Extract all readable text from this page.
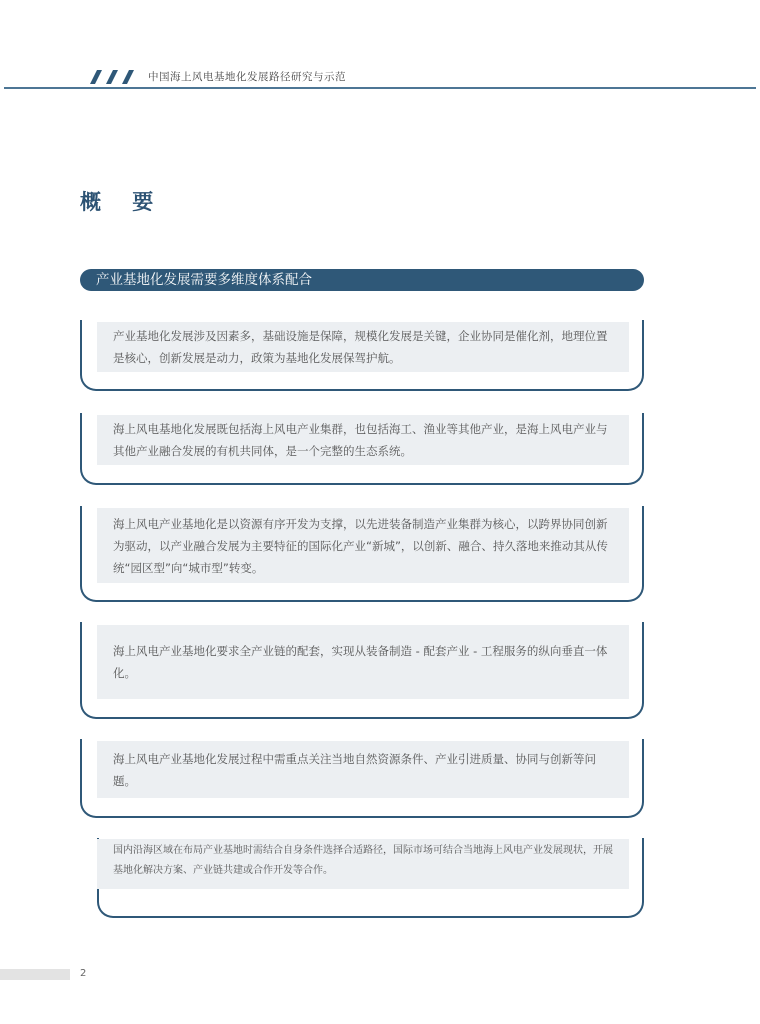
中国海上风电基地化发展路径研究与示范
概 要
产业基地化发展需要多维度体系配合
产业基地化发展涉及因素多，基础设施是保障，规模化发展是关键，企业协同是催化剂，地理位置是核心，创新发展是动力，政策为基地化发展保驾护航。
海上风电基地化发展既包括海上风电产业集群，也包括海工、渔业等其他产业，是海上风电产业与其他产业融合发展的有机共同体，是一个完整的生态系统。
海上风电产业基地化是以资源有序开发为支撑，以先进装备制造产业集群为核心，以跨界协同创新为驱动，以产业融合发展为主要特征的国际化产业“新城”，以创新、融合、持久落地来推动其从传统“园区型”向“城市型”转变。
海上风电产业基地化要求全产业链的配套，实现从装备制造 - 配套产业 - 工程服务的纵向垂直一体化。
海上风电产业基地化发展过程中需重点关注当地自然资源条件、产业引进质量、协同与创新等问题。
国内沿海区域在布局产业基地时需结合自身条件选择合适路径，国际市场可结合当地海上风电产业发展现状，开展基地化解决方案、产业链共建或合作开发等合作。
2
